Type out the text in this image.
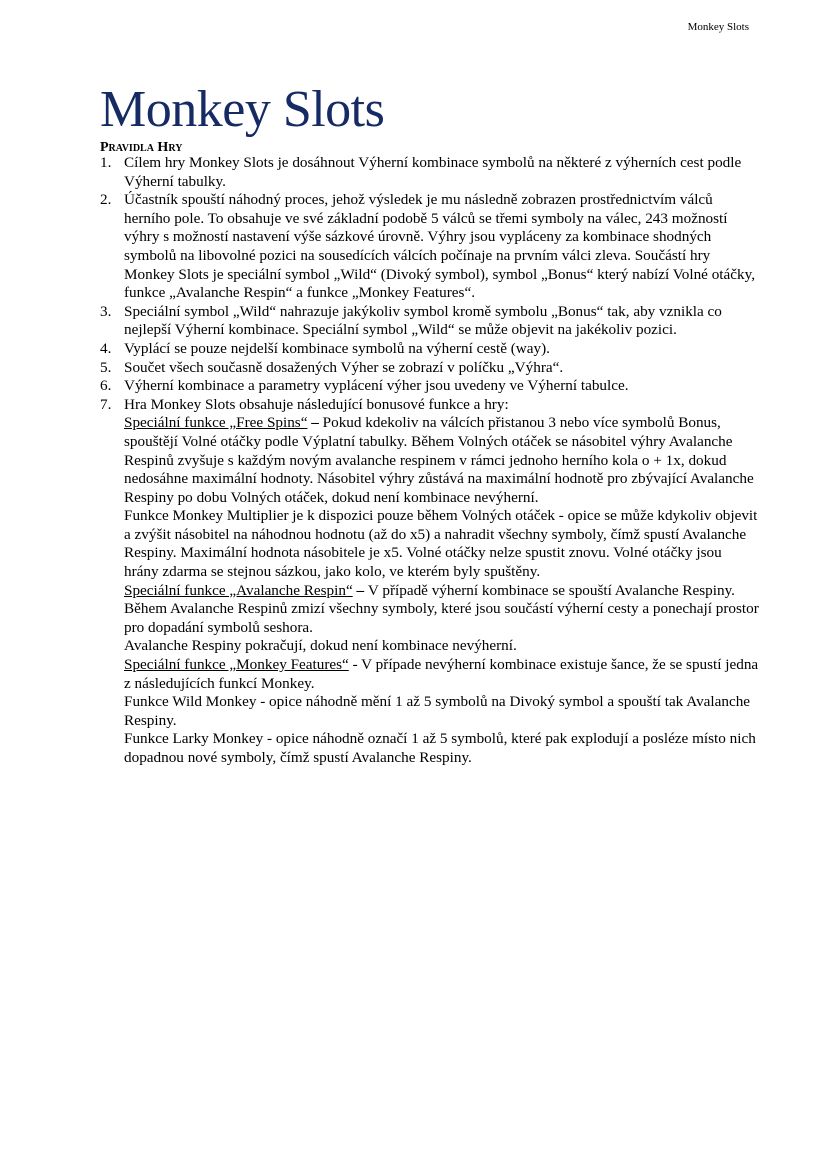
Monkey Slots
Monkey Slots
Pravidla Hry
1. Cílem hry Monkey Slots je dosáhnout Výherní kombinace symbolů na některé z výherních cest podle Výherní tabulky.
2. Účastník spouští náhodný proces, jehož výsledek je mu následně zobrazen prostřednictvím válců herního pole. To obsahuje ve své základní podobě 5 válců se třemi symboly na válec, 243 možností výhry s možností nastavení výše sázkové úrovně. Výhry jsou vypláceny za kombinace shodných symbolů na libovolné pozici na sousedících válcích počínaje na prvním válci zleva. Součástí hry Monkey Slots je speciální symbol „Wild“ (Divoký symbol), symbol „Bonus“ který nabízí Volné otáčky, funkce „Avalanche Respin“ a funkce „Monkey Features“.
3. Speciální symbol „Wild“ nahrazuje jakýkoliv symbol kromě symbolu „Bonus“ tak, aby vznikla co nejlepší Výherní kombinace. Speciální symbol „Wild“ se může objevit na jakékoliv pozici.
4. Vyplácí se pouze nejdelší kombinace symbolů na výherní cestě (way).
5. Součet všech současně dosažených Výher se zobrazí v políčku „Výhra“.
6. Výherní kombinace a parametry vyplácení výher jsou uvedeny ve Výherní tabulce.
7. Hra Monkey Slots obsahuje následující bonusové funkce a hry:

Speciální funkce „Free Spins“ – Pokud kdekoliv na válcích přistanou 3 nebo více symbolů Bonus, spouštějí Volné otáčky podle Výplatní tabulky. Během Volných otáček se násobitel výhry Avalanche Respinů zvyšuje s každým novým avalanche respinem v rámci jednoho herního kola o + 1x, dokud nedosáhne maximální hodnoty. Násobitel výhry zůstává na maximální hodnotě pro zbývající Avalanche Respiny po dobu Volných otáček, dokud není kombinace nevýherní.

Funkce Monkey Multiplier je k dispozici pouze během Volných otáček - opice se může kdykoliv objevit a zvýšit násobitel na náhodnou hodnotu (až do x5) a nahradit všechny symboly, čímž spustí Avalanche Respiny. Maximální hodnota násobitele je x5. Volné otáčky nelze spustit znovu. Volné otáčky jsou hrány zdarma se stejnou sázkou, jako kolo, ve kterém byly spuštěny.

Speciální funkce „Avalanche Respin“ – V případě výherní kombinace se spouští Avalanche Respiny. Během Avalanche Respinů zmizí všechny symboly, které jsou součástí výherní cesty a ponechají prostor pro dopadání symbolů seshora.

Avalanche Respiny pokračují, dokud není kombinace nevýherní.

Speciální funkce „Monkey Features“ - V případe nevýherní kombinace existuje šance, že se spustí jedna z následujících funkcí Monkey.

Funkce Wild Monkey - opice náhodně mění 1 až 5 symbolů na Divoký symbol a spouští tak Avalanche Respiny.

Funkce Larky Monkey - opice náhodně označí 1 až 5 symbolů, které pak explodují a posléze místo nich dopadnou nové symboly, čímž spustí Avalanche Respiny.
